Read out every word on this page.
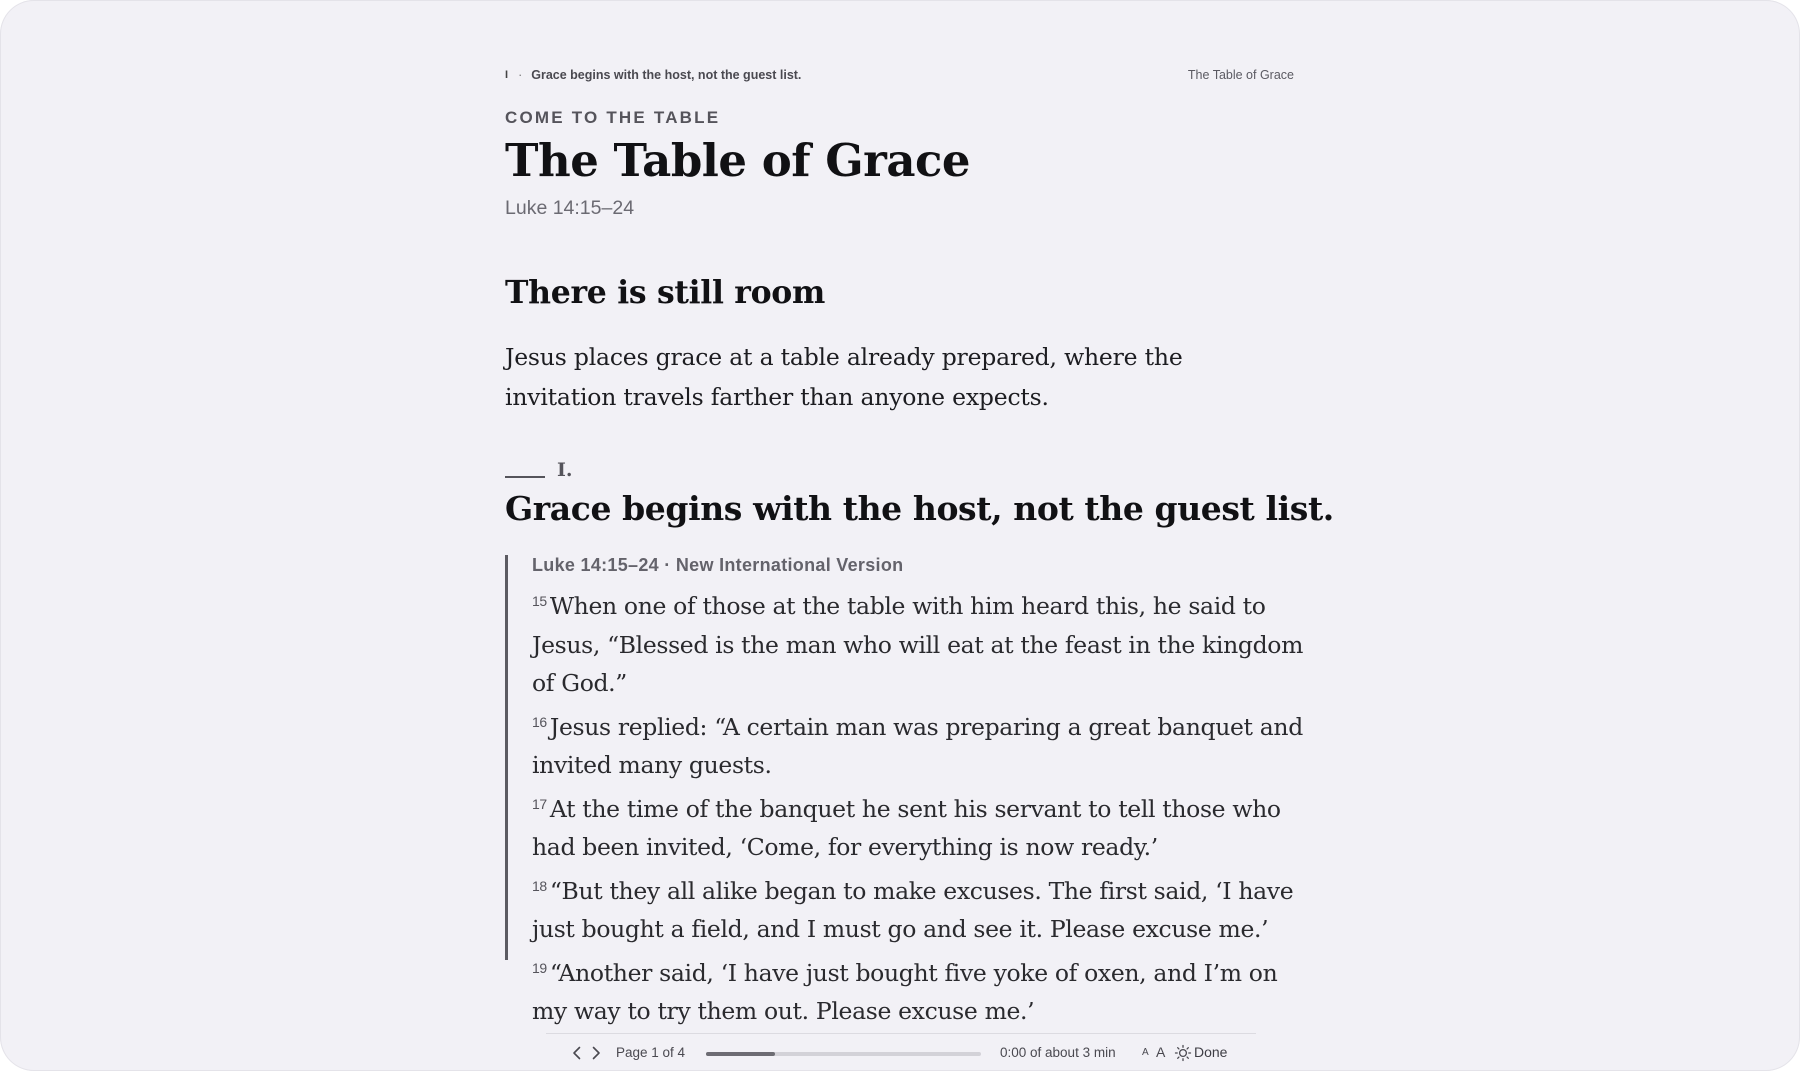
I · Grace begins with the host, not the guest list.	The Table of Grace
COME TO THE TABLE
The Table of Grace
Luke 14:15–24
There is still room
Jesus places grace at a table already prepared, where the invitation travels farther than anyone expects.
I.
Grace begins with the host, not the guest list.
Luke 14:15–24 · New International Version
$^{15}$ When one of those at the table with him heard this, he said to Jesus, “Blessed is the man who will eat at the feast in the kingdom of God.”
$^{16}$ Jesus replied: “A certain man was preparing a great banquet and invited many guests.
$^{17}$ At the time of the banquet he sent his servant to tell those who had been invited, ‘Come, for everything is now ready.’
$^{18}$ “But they all alike began to make excuses. The first said, ‘I have just bought a field, and I must go and see it. Please excuse me.’
$^{19}$ “Another said, ‘I have just bought five yoke of oxen, and I’m on my way to try them out. Please excuse me.’
Page 1 of 4	0:00 of about 3 min	A A Done
